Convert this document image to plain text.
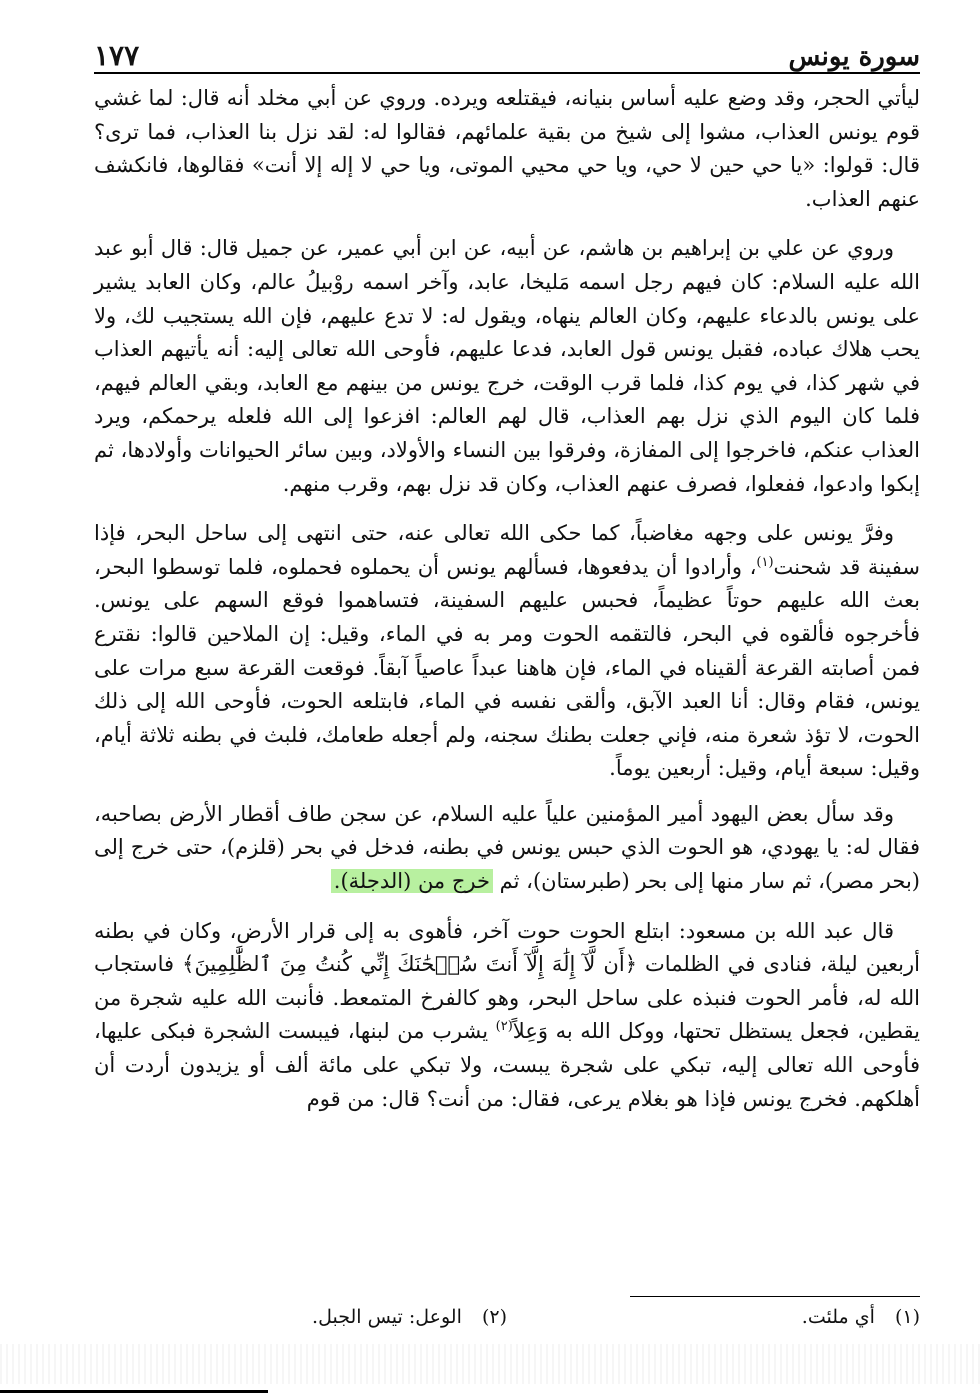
سورة يونس
١٧٧

ليأتي الحجر، وقد وضع عليه أساس بنيانه، فيقتلعه ويرده. وروي عن أبي مخلد أنه قال: لما غشي قوم يونس العذاب، مشوا إلى شيخ من بقية علمائهم، فقالوا له: لقد نزل بنا العذاب، فما ترى؟ قال: قولوا: «يا حي حين لا حي، ويا حي محيي الموتى، ويا حي لا إله إلا أنت» فقالوها، فانكشف عنهم العذاب.

وروي عن علي بن إبراهيم بن هاشم، عن أبيه، عن ابن أبي عمير، عن جميل قال: قال أبو عبد الله عليه السلام: كان فيهم رجل اسمه مَليخا، عابد، وآخر اسمه روْبيلُ عالم، وكان العابد يشير على يونس بالدعاء عليهم، وكان العالم ينهاه، ويقول له: لا تدع عليهم، فإن الله يستجيب لك، ولا يحب هلاك عباده، فقبل يونس قول العابد، فدعا عليهم، فأوحى الله تعالى إليه: أنه يأتيهم العذاب في شهر كذا، في يوم كذا، فلما قرب الوقت، خرج يونس من بينهم مع العابد، وبقي العالم فيهم، فلما كان اليوم الذي نزل بهم العذاب، قال لهم العالم: افزعوا إلى الله فلعله يرحمكم، ويرد العذاب عنكم، فاخرجوا إلى المفازة، وفرقوا بين النساء والأولاد، وبين سائر الحيوانات وأولادها، ثم إبكوا وادعوا، ففعلوا، فصرف عنهم العذاب، وكان قد نزل بهم، وقرب منهم.

وفرَّ يونس على وجهه مغاضباً، كما حكى الله تعالى عنه، حتى انتهى إلى ساحل البحر، فإذا سفينة قد شحنت$^{(١)}$، وأرادوا أن يدفعوها، فسألهم يونس أن يحملوه فحملوه، فلما توسطوا البحر، بعث الله عليهم حوتاً عظيماً، فحبس عليهم السفينة، فتساهموا فوقع السهم على يونس. فأخرجوه فألقوه في البحر، فالتقمه الحوت ومر به في الماء، وقيل: إن الملاحين قالوا: نقترع فمن أصابته القرعة ألقيناه في الماء، فإن هاهنا عبداً عاصياً آبقاً. فوقعت القرعة سبع مرات على يونس، فقام وقال: أنا العبد الآبق، وألقى نفسه في الماء، فابتلعه الحوت، فأوحى الله إلى ذلك الحوت، لا تؤذ شعرة منه، فإني جعلت بطنك سجنه، ولم أجعله طعامك، فلبث في بطنه ثلاثة أيام، وقيل: سبعة أيام، وقيل: أربعين يوماً.

وقد سأل بعض اليهود أمير المؤمنين علياً عليه السلام، عن سجن طاف أقطار الأرض بصاحبه، فقال له: يا يهودي، هو الحوت الذي حبس يونس في بطنه، فدخل في بحر (قلزم)، حتى خرج إلى (بحر مصر)، ثم سار منها إلى بحر (طبرستان)، ثم خرج من (الدجلة).

قال عبد الله بن مسعود: ابتلع الحوت حوت آخر، فأهوى به إلى قرار الأرض، وكان في بطنه أربعين ليلة، فنادى في الظلمات ﴿أَن لَّآ إِلَٰهَ إِلَّآ أَنتَ سُبۡحَٰنَكَ إِنِّي كُنتُ مِنَ ٱلظَّٰلِمِينَ﴾ فاستجاب الله له، فأمر الحوت فنبذه على ساحل البحر، وهو كالفرخ المتمعط. فأنبت الله عليه شجرة من يقطين، فجعل يستظل تحتها، ووكل الله به وَعِلاً$^{(٢)}$ يشرب من لبنها، فيبست الشجرة فبكى عليها، فأوحى الله تعالى إليه، تبكي على شجرة يبست، ولا تبكي على مائة ألف أو يزيدون أردت أن أهلكهم. فخرج يونس فإذا هو بغلام يرعى، فقال: من أنت؟ قال: من قوم

(١) أي ملئت.
(٢) الوعل: تيس الجبل.
